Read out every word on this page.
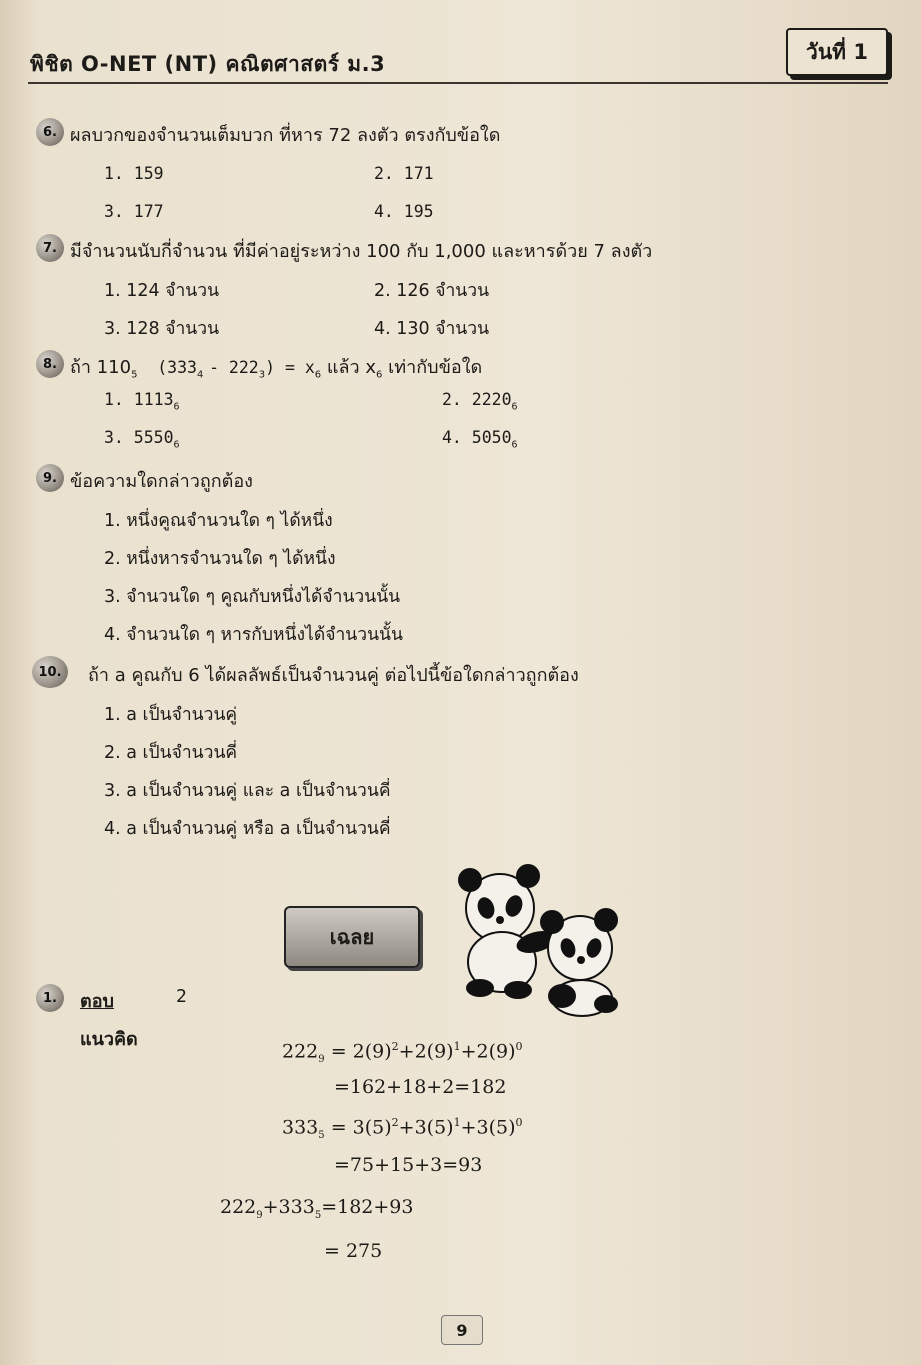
พิชิต O-NET (NT) คณิตศาสตร์ ม.3
วันที่ 1
6. ผลบวกของจำนวนเต็มบวก ที่หาร 72 ลงตัว ตรงกับข้อใด
1. 159	2. 171
3. 177	4. 195
7. มีจำนวนนับกี่จำนวน ที่มีค่าอยู่ระหว่าง 100 กับ 1,000 และหารด้วย 7 ลงตัว
1. 124 จำนวน	2. 126 จำนวน
3. 128 จำนวน	4. 130 จำนวน
8. ถ้า $110_5$ $(333_4 - 222_3) = x_6$ แล้ว $x_6$ เท่ากับข้อใด
1. $1113_6$	2. $2220_6$
3. $5550_6$	4. $5050_6$
9. ข้อความใดกล่าวถูกต้อง
1. หนึ่งคูณจำนวนใด ๆ ได้หนึ่ง
2. หนึ่งหารจำนวนใด ๆ ได้หนึ่ง
3. จำนวนใด ๆ คูณกับหนึ่งได้จำนวนนั้น
4. จำนวนใด ๆ หารกับหนึ่งได้จำนวนนั้น
10.	ถ้า a คูณกับ 6 ได้ผลลัพธ์เป็นจำนวนคู่ ต่อไปนี้ข้อใดกล่าวถูกต้อง
1. a เป็นจำนวนคู่
2. a เป็นจำนวนคี่
3. a เป็นจำนวนคู่ และ a เป็นจำนวนคี่
4. a เป็นจำนวนคู่ หรือ a เป็นจำนวนคี่
เฉลย
1.	ตอบ	2
แนวคิด
$222_9 = 2(9)^2+2(9)^1+2(9)^0$
=162+18+2=182
$333_5 = 3(5)^2+3(5)^1+3(5)^0$
=75+15+3=93
$222_9+333_5=182+93$
= 275
9
